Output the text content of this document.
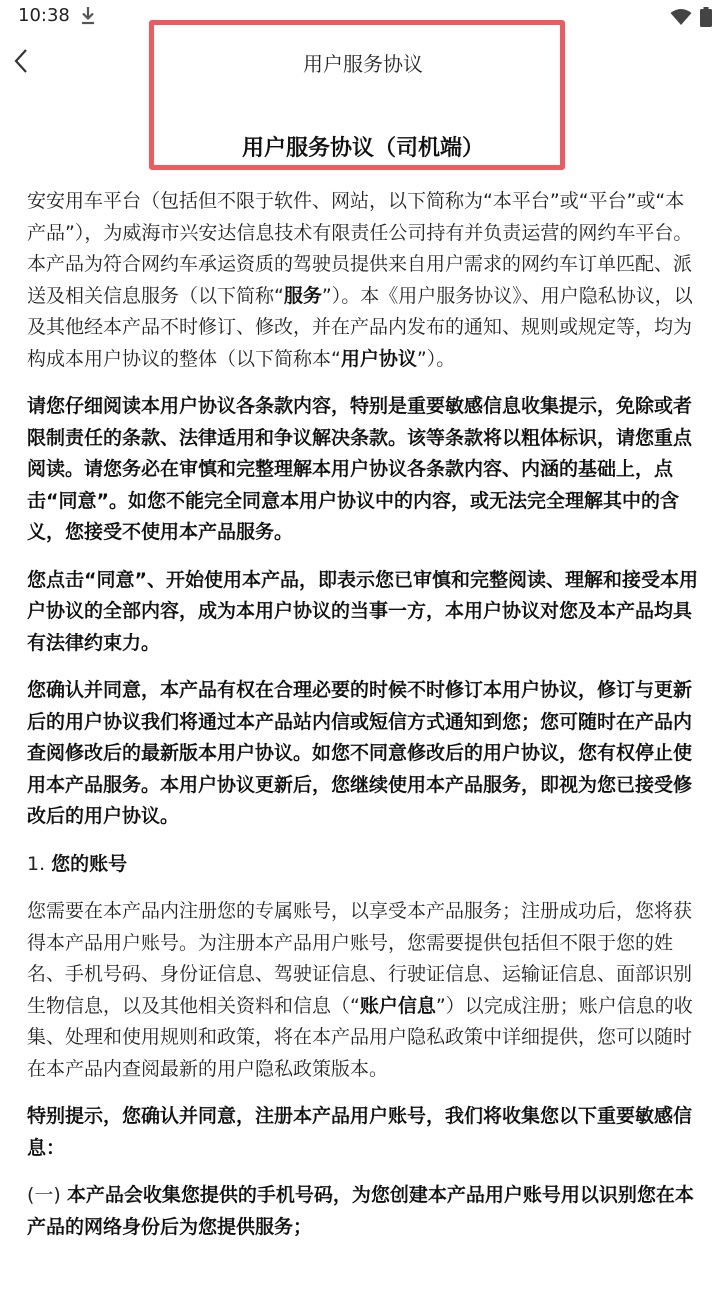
10:38
用户服务协议
用户服务协议（司机端）

安安用车平台（包括但不限于软件、网站，以下简称为“本平台”或“平台”或“本产品”），为威海市兴安达信息技术有限责任公司持有并负责运营的网约车平台。本产品为符合网约车承运资质的驾驶员提供来自用户需求的网约车订单匹配、派送及相关信息服务（以下简称“服务”）。本《用户服务协议》、用户隐私协议，以及其他经本产品不时修订、修改，并在产品内发布的通知、规则或规定等，均为构成本用户协议的整体（以下简称本“用户协议”）。

请您仔细阅读本用户协议各条款内容，特别是重要敏感信息收集提示，免除或者限制责任的条款、法律适用和争议解决条款。该等条款将以粗体标识，请您重点阅读。请您务必在审慎和完整理解本用户协议各条款内容、内涵的基础上，点击“同意”。如您不能完全同意本用户协议中的内容，或无法完全理解其中的含义，您接受不使用本产品服务。

您点击“同意”、开始使用本产品，即表示您已审慎和完整阅读、理解和接受本用户协议的全部内容，成为本用户协议的当事一方，本用户协议对您及本产品均具有法律约束力。

您确认并同意，本产品有权在合理必要的时候不时修订本用户协议，修订与更新后的用户协议我们将通过本产品站内信或短信方式通知到您；您可随时在产品内查阅修改后的最新版本用户协议。如您不同意修改后的用户协议，您有权停止使用本产品服务。本用户协议更新后，您继续使用本产品服务，即视为您已接受修改后的用户协议。

1. 您的账号

您需要在本产品内注册您的专属账号，以享受本产品服务；注册成功后，您将获得本产品用户账号。为注册本产品用户账号，您需要提供包括但不限于您的姓名、手机号码、身份证信息、驾驶证信息、行驶证信息、运输证信息、面部识别生物信息，以及其他相关资料和信息（“账户信息”）以完成注册；账户信息的收集、处理和使用规则和政策，将在本产品用户隐私政策中详细提供，您可以随时在本产品内查阅最新的用户隐私政策版本。

特别提示，您确认并同意，注册本产品用户账号，我们将收集您以下重要敏感信息：

(一) 本产品会收集您提供的手机号码，为您创建本产品用户账号用以识别您在本产品的网络身份后为您提供服务；
